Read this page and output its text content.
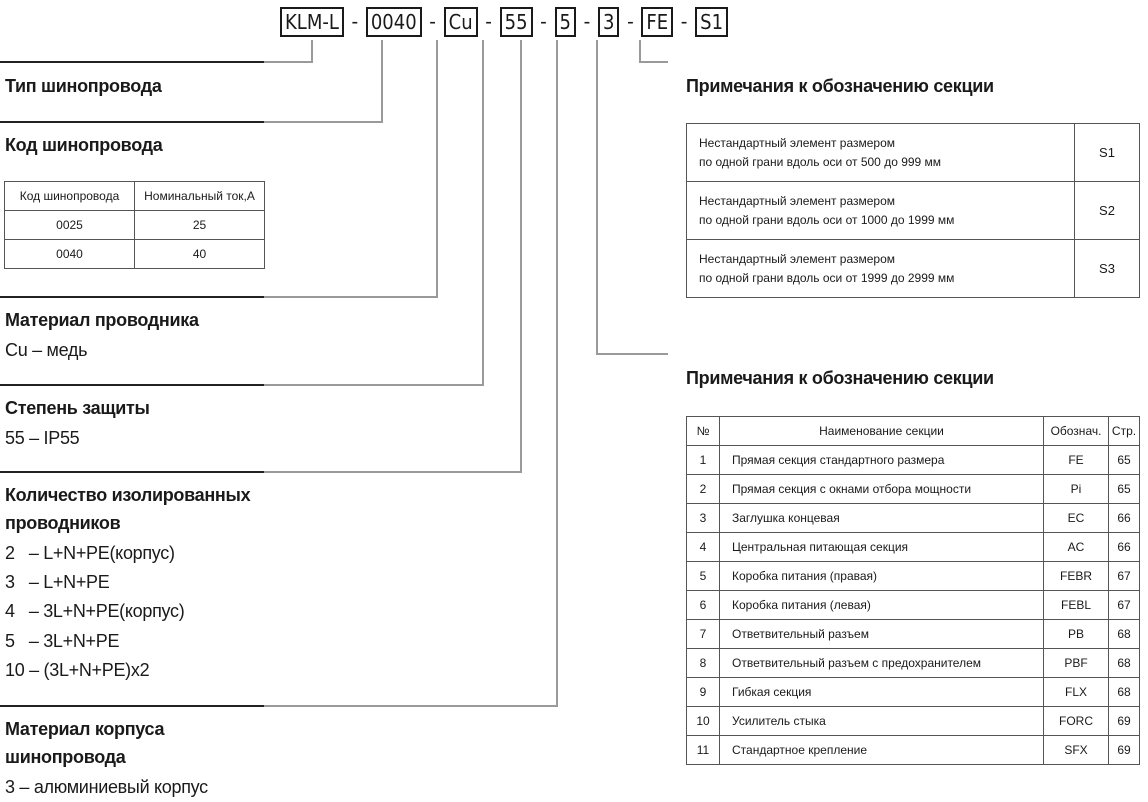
KLM-L - 0040 - Cu - 55 - 5 - 3 - FE - S1
Тип шинопровода
Код шинопровода
Код шинопровода	Номинальный ток,А
0025	25
0040	40
Материал проводника
Cu – медь
Степень защиты
55 – IP55
Количество изолированных
проводников
2   – L+N+PE(корпус)
3   – L+N+PE
4   – 3L+N+PE(корпус)
5   – 3L+N+PE
10 – (3L+N+PE)x2
Материал корпуса
шинопровода
3 – алюминиевый корпус
Примечания к обозначению секции
Нестандартный элемент размером
по одной грани вдоль оси от 500 до 999 мм	S1

Нестандартный элемент размером
по одной грани вдоль оси от 1000 до 1999 мм	S2

Нестандартный элемент размером
по одной грани вдоль оси от 1999 до 2999 мм	S3
Примечания к обозначению секции
№	Наименование секции	Обознач.	Стр.
1	Прямая секция стандартного размера	FE	65
2	Прямая секция с окнами отбора мощности	Pi	65
3	Заглушка концевая	EC	66
4	Центральная питающая секция	AC	66
5	Коробка питания (правая)	FEBR	67
6	Коробка питания (левая)	FEBL	67
7	Ответвительный разъем	PB	68
8	Ответвительный разъем с предохранителем	PBF	68
9	Гибкая секция	FLX	68
10	Усилитель стыка	FORC	69
11	Стандартное крепление	SFX	69
